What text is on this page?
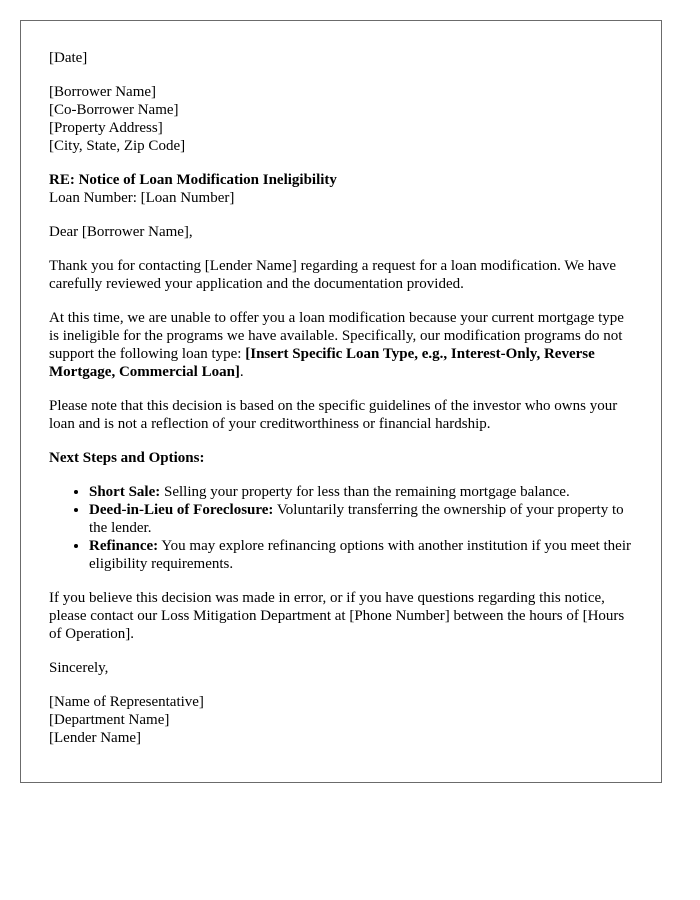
[Date]

[Borrower Name]
[Co-Borrower Name]
[Property Address]
[City, State, Zip Code]

RE: Notice of Loan Modification Ineligibility
Loan Number: [Loan Number]

Dear [Borrower Name],

Thank you for contacting [Lender Name] regarding a request for a loan modification. We have carefully reviewed your application and the documentation provided.

At this time, we are unable to offer you a loan modification because your current mortgage type is ineligible for the programs we have available. Specifically, our modification programs do not support the following loan type: [Insert Specific Loan Type, e.g., Interest-Only, Reverse Mortgage, Commercial Loan].

Please note that this decision is based on the specific guidelines of the investor who owns your loan and is not a reflection of your creditworthiness or financial hardship.

Next Steps and Options:

• Short Sale: Selling your property for less than the remaining mortgage balance.
• Deed-in-Lieu of Foreclosure: Voluntarily transferring the ownership of your property to the lender.
• Refinance: You may explore refinancing options with another institution if you meet their eligibility requirements.

If you believe this decision was made in error, or if you have questions regarding this notice, please contact our Loss Mitigation Department at [Phone Number] between the hours of [Hours of Operation].

Sincerely,

[Name of Representative]
[Department Name]
[Lender Name]
